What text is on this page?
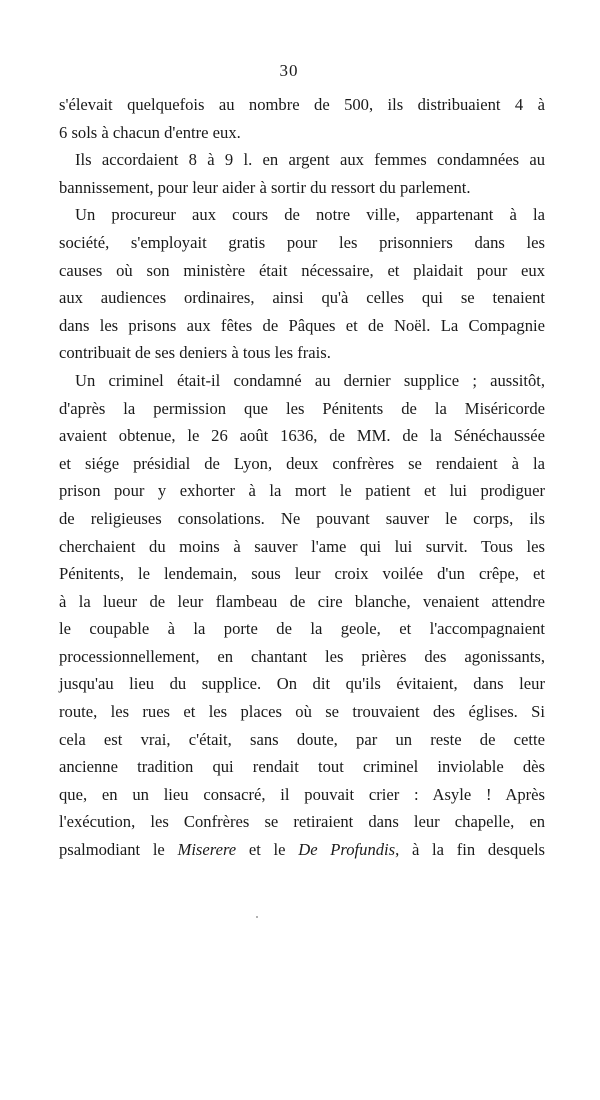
30
s'élevait quelquefois au nombre de 500, ils distribuaient 4 à
6 sols à chacun d'entre eux.
Ils accordaient 8 à 9 l. en argent aux femmes condamnées au
bannissement, pour leur aider à sortir du ressort du parlement.
Un procureur aux cours de notre ville, appartenant à la
société, s'employait gratis pour les prisonniers dans les
causes où son ministère était nécessaire, et plaidait pour eux
aux audiences ordinaires, ainsi qu'à celles qui se tenaient
dans les prisons aux fêtes de Pâques et de Noël. La Compagnie
contribuait de ses deniers à tous les frais.
Un criminel était-il condamné au dernier supplice ; aussitôt,
d'après la permission que les Pénitents de la Miséricorde
avaient obtenue, le 26 août 1636, de MM. de la Sénéchaussée
et siége présidial de Lyon, deux confrères se rendaient à la
prison pour y exhorter à la mort le patient et lui prodiguer
de religieuses consolations. Ne pouvant sauver le corps, ils
cherchaient du moins à sauver l'ame qui lui survit. Tous les
Pénitents, le lendemain, sous leur croix voilée d'un crêpe, et
à la lueur de leur flambeau de cire blanche, venaient attendre
le coupable à la porte de la geole, et l'accompagnaient
processionnellement, en chantant les prières des agonissants,
jusqu'au lieu du supplice. On dit qu'ils évitaient, dans leur
route, les rues et les places où se trouvaient des églises. Si
cela est vrai, c'était, sans doute, par un reste de cette
ancienne tradition qui rendait tout criminel inviolable dès
que, en un lieu consacré, il pouvait crier : Asyle ! Après
l'exécution, les Confrères se retiraient dans leur chapelle, en
psalmodiant le Miserere et le De Profundis, à la fin desquels
